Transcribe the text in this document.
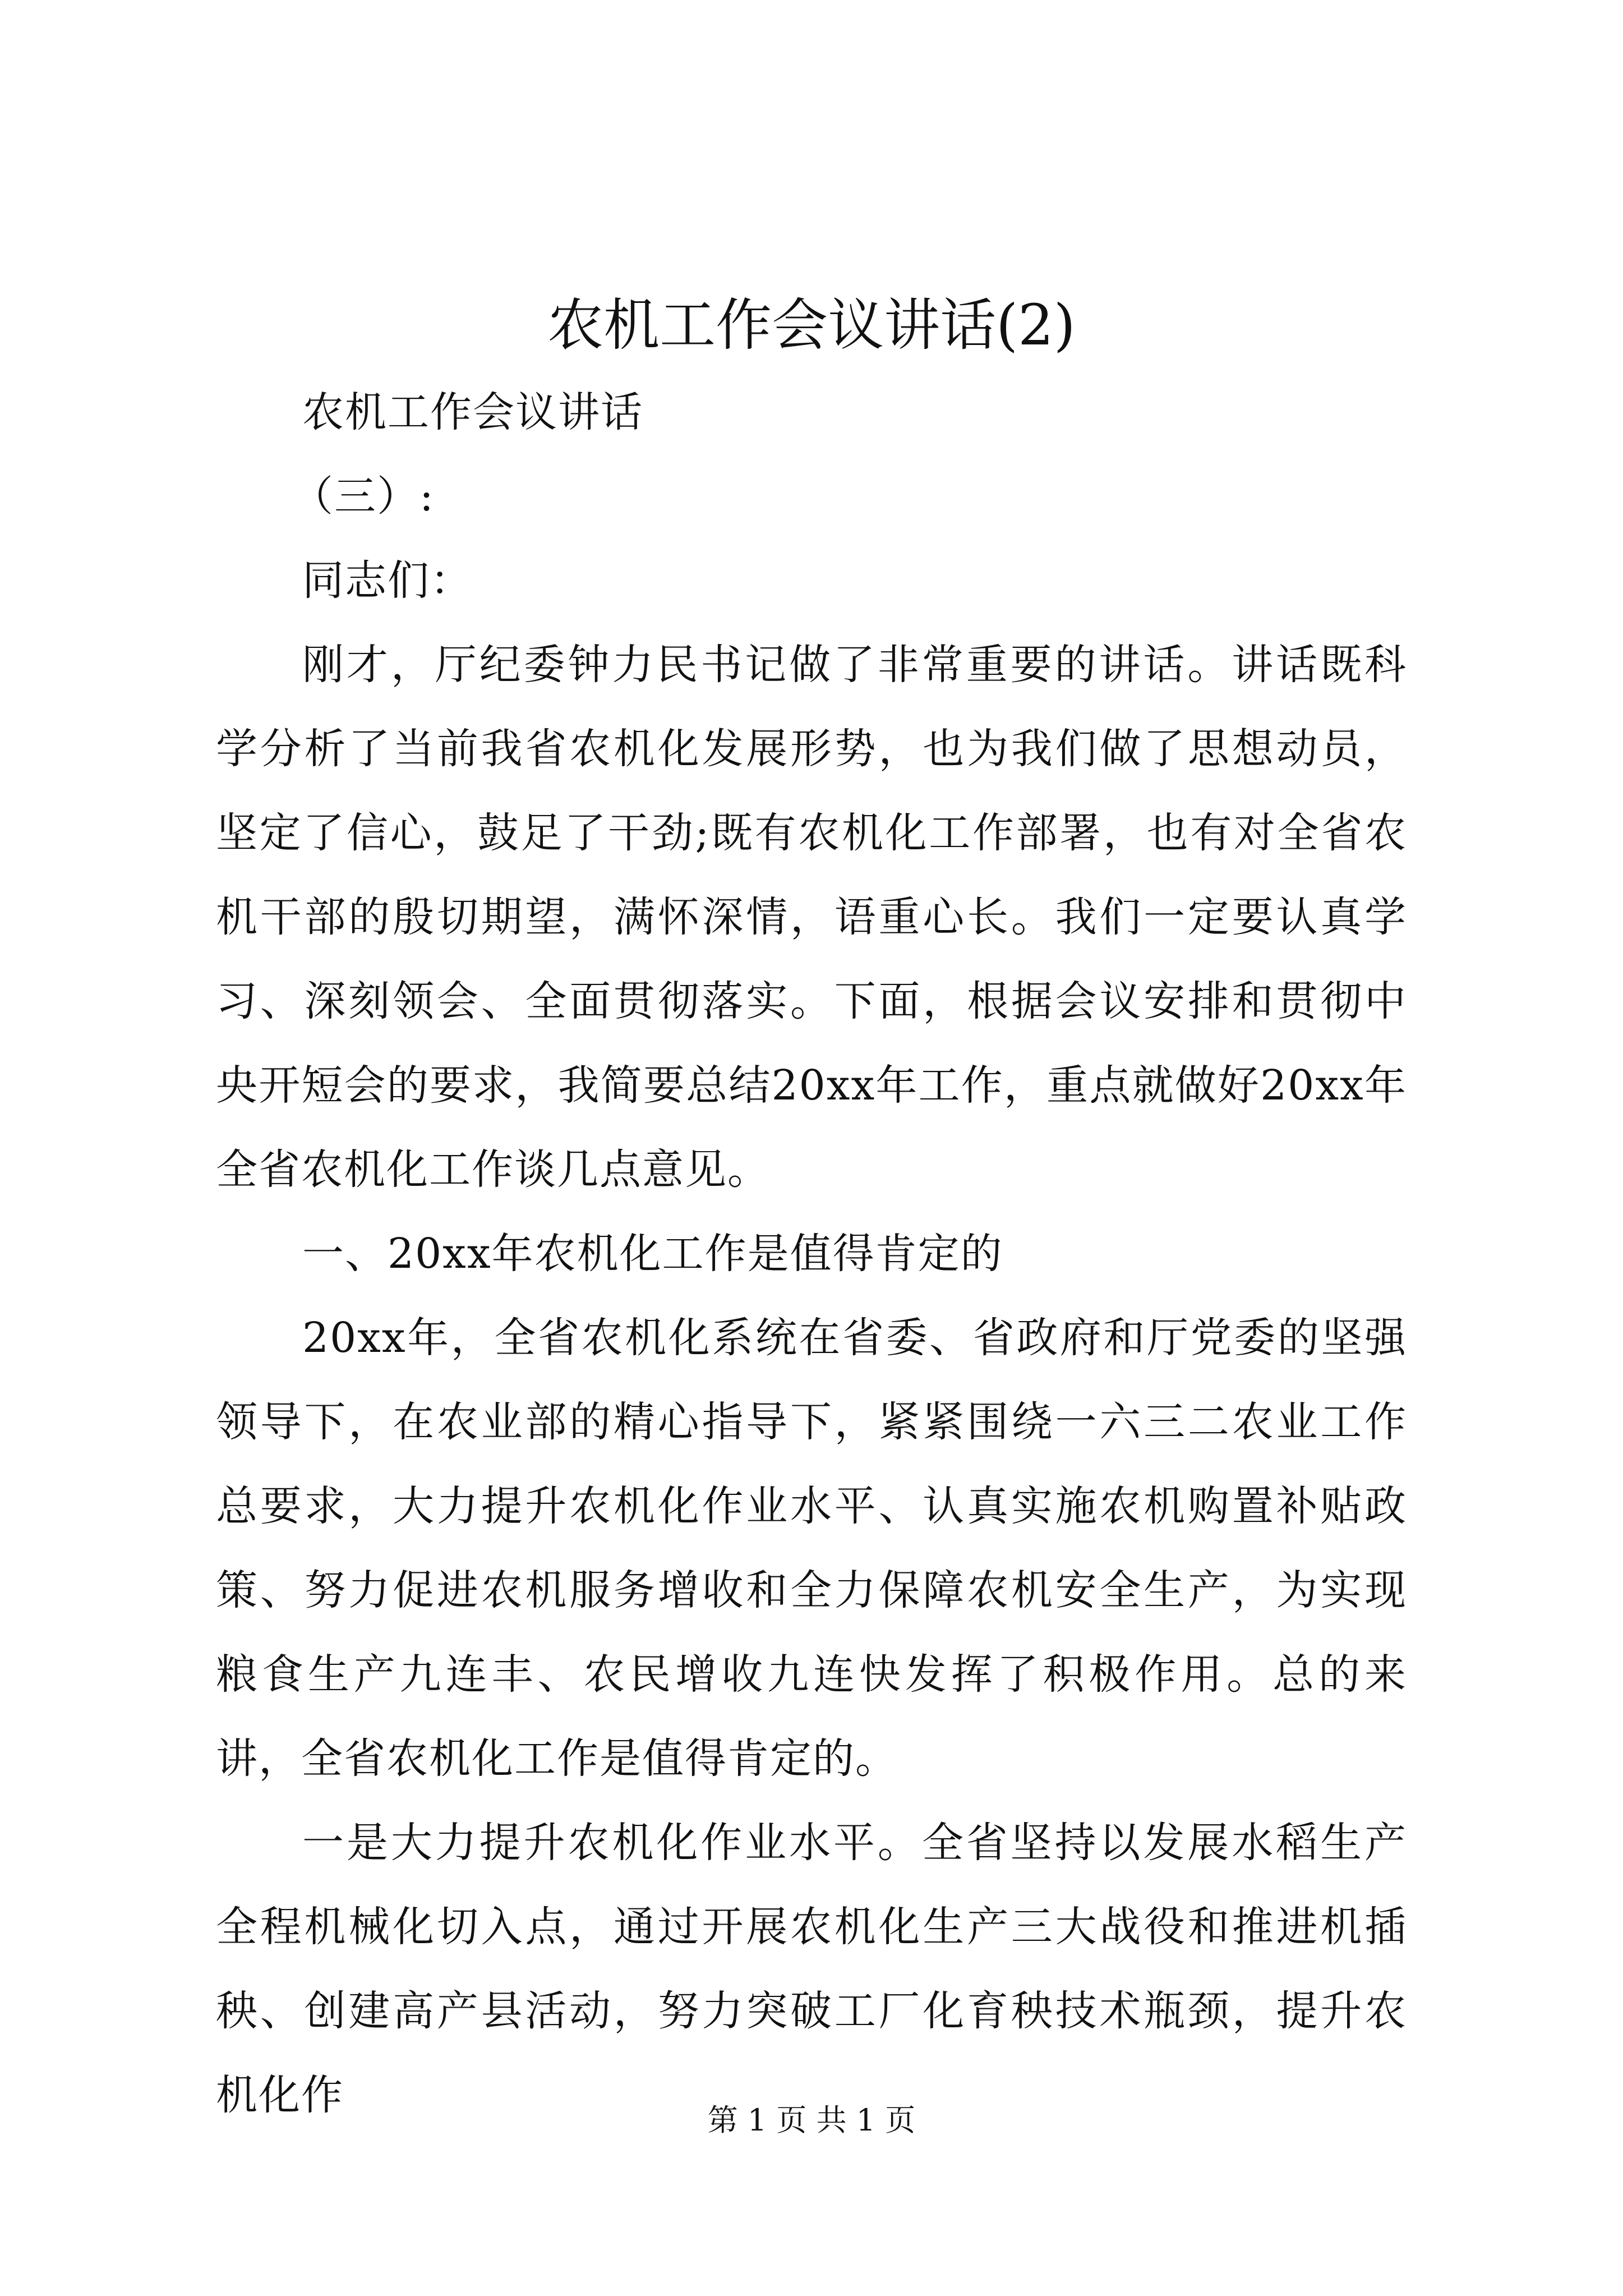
农机工作会议讲话(2)

农机工作会议讲话

（三）:

同志们：

刚才，厅纪委钟力民书记做了非常重要的讲话。讲话既科学分析了当前我省农机化发展形势，也为我们做了思想动员，坚定了信心，鼓足了干劲;既有农机化工作部署，也有对全省农机干部的殷切期望，满怀深情，语重心长。我们一定要认真学习、深刻领会、全面贯彻落实。下面，根据会议安排和贯彻中央开短会的要求，我简要总结20xx年工作，重点就做好20xx年全省农机化工作谈几点意见。

一、20xx年农机化工作是值得肯定的

20xx年，全省农机化系统在省委、省政府和厅党委的坚强领导下，在农业部的精心指导下，紧紧围绕一六三二农业工作总要求，大力提升农机化作业水平、认真实施农机购置补贴政策、努力促进农机服务增收和全力保障农机安全生产，为实现粮食生产九连丰、农民增收九连快发挥了积极作用。总的来讲，全省农机化工作是值得肯定的。

一是大力提升农机化作业水平。全省坚持以发展水稻生产全程机械化切入点，通过开展农机化生产三大战役和推进机插秧、创建高产县活动，努力突破工厂化育秧技术瓶颈，提升农机化作

第 1 页 共 1 页
